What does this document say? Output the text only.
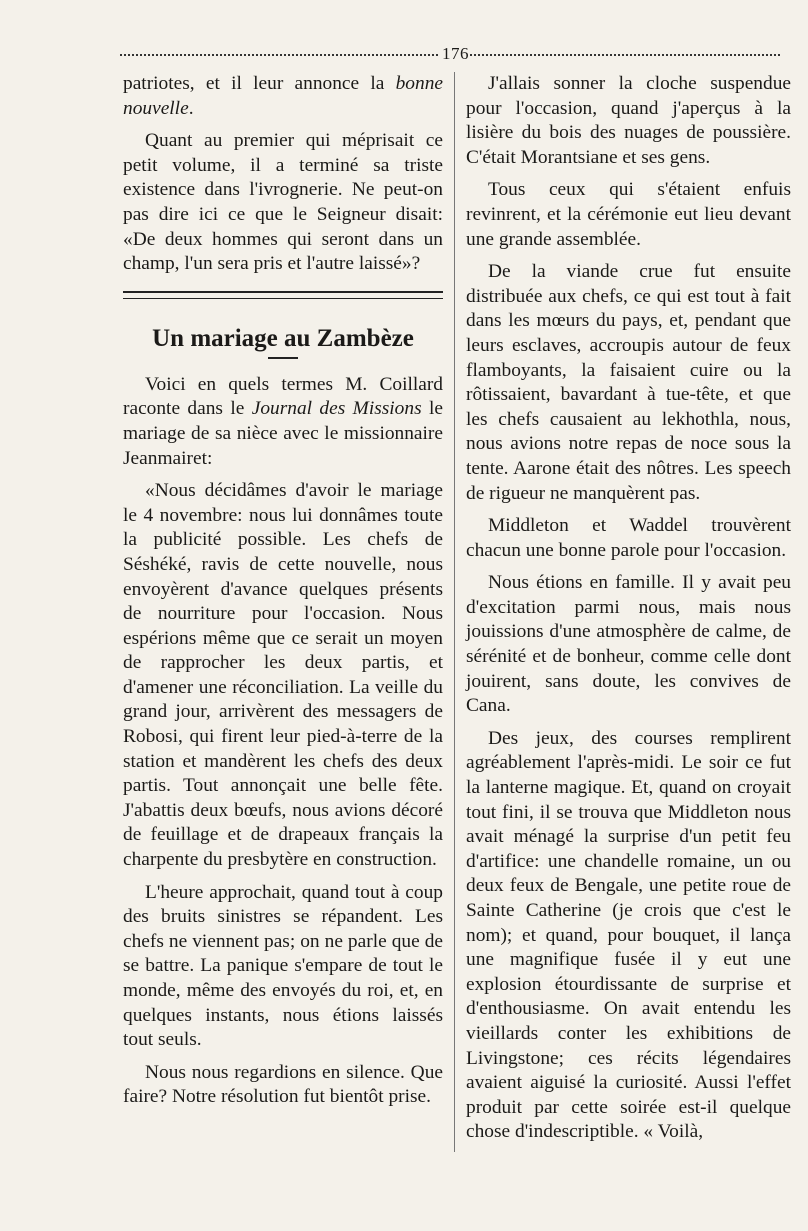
176

patriotes, et il leur annonce la bonne nouvelle.

Quant au premier qui méprisait ce petit volume, il a terminé sa triste existence dans l'ivrognerie. Ne peut-on pas dire ici ce que le Seigneur disait: «De deux hommes qui seront dans un champ, l'un sera pris et l'autre laissé»?

Un mariage au Zambèze

Voici en quels termes M. Coillard raconte dans le Journal des Missions le mariage de sa nièce avec le missionnaire Jeanmairet:

«Nous décidâmes d'avoir le mariage le 4 novembre: nous lui donnâmes toute la publicité possible. Les chefs de Séshéké, ravis de cette nouvelle, nous envoyèrent d'avance quelques présents de nourriture pour l'occasion. Nous espérions même que ce serait un moyen de rapprocher les deux partis, et d'amener une réconciliation. La veille du grand jour, arrivèrent des messagers de Robosi, qui firent leur pied-à-terre de la station et mandèrent les chefs des deux partis. Tout annonçait une belle fête. J'abattis deux bœufs, nous avions décoré de feuillage et de drapeaux français la charpente du presbytère en construction.

L'heure approchait, quand tout à coup des bruits sinistres se répandent. Les chefs ne viennent pas; on ne parle que de se battre. La panique s'empare de tout le monde, même des envoyés du roi, et, en quelques instants, nous étions laissés tout seuls.

Nous nous regardions en silence. Que faire? Notre résolution fut bientôt prise.

J'allais sonner la cloche suspendue pour l'occasion, quand j'aperçus à la lisière du bois des nuages de poussière. C'était Morantsiane et ses gens.

Tous ceux qui s'étaient enfuis revinrent, et la cérémonie eut lieu devant une grande assemblée.

De la viande crue fut ensuite distribuée aux chefs, ce qui est tout à fait dans les mœurs du pays, et, pendant que leurs esclaves, accroupis autour de feux flamboyants, la faisaient cuire ou la rôtissaient, bavardant à tue-tête, et que les chefs causaient au lekhothla, nous, nous avions notre repas de noce sous la tente. Aarone était des nôtres. Les speech de rigueur ne manquèrent pas.

Middleton et Waddel trouvèrent chacun une bonne parole pour l'occasion.

Nous étions en famille. Il y avait peu d'excitation parmi nous, mais nous jouissions d'une atmosphère de calme, de sérénité et de bonheur, comme celle dont jouirent, sans doute, les convives de Cana.

Des jeux, des courses remplirent agréablement l'après-midi. Le soir ce fut la lanterne magique. Et, quand on croyait tout fini, il se trouva que Middleton nous avait ménagé la surprise d'un petit feu d'artifice: une chandelle romaine, un ou deux feux de Bengale, une petite roue de Sainte Catherine (je crois que c'est le nom); et quand, pour bouquet, il lança une magnifique fusée il y eut une explosion étourdissante de surprise et d'enthousiasme. On avait entendu les vieillards conter les exhibitions de Livingstone; ces récits légendaires avaient aiguisé la curiosité. Aussi l'effet produit par cette soirée est-il quelque chose d'indescriptible. « Voilà,
